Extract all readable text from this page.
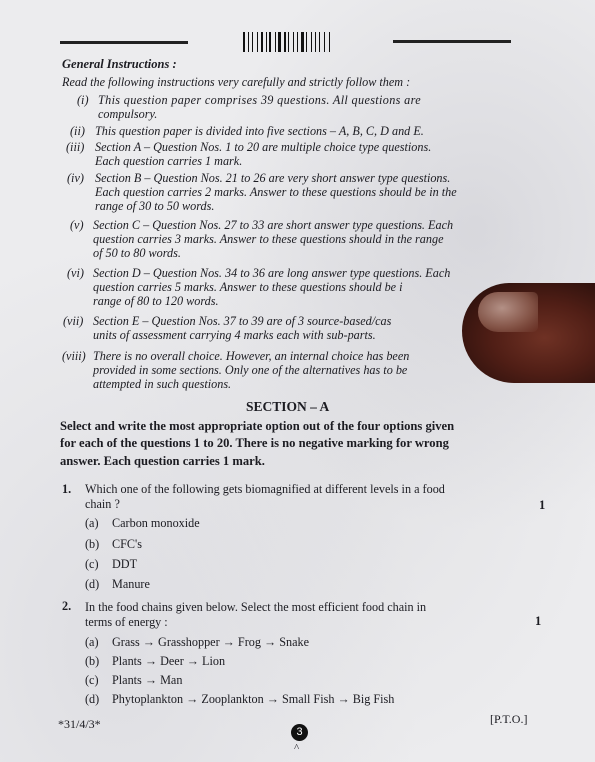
General Instructions :
Read the following instructions very carefully and strictly follow them :
(i) This question paper comprises 39 questions. All questions are
compulsory.
(ii) This question paper is divided into five sections – A, B, C, D and E.
(iii) Section A – Question Nos. 1 to 20 are multiple choice type questions.
Each question carries 1 mark.
(iv) Section B – Question Nos. 21 to 26 are very short answer type questions.
Each question carries 2 marks. Answer to these questions should be in the
range of 30 to 50 words.
(v) Section C – Question Nos. 27 to 33 are short answer type questions. Each
question carries 3 marks. Answer to these questions should in the range
of 50 to 80 words.
(vi) Section D – Question Nos. 34 to 36 are long answer type questions. Each
question carries 5 marks. Answer to these questions should be i
range of 80 to 120 words.
(vii) Section E – Question Nos. 37 to 39 are of 3 source-based/cas
units of assessment carrying 4 marks each with sub-parts.
(viii) There is no overall choice. However, an internal choice has been
provided in some sections. Only one of the alternatives has to be
attempted in such questions.
SECTION – A
Select and write the most appropriate option out of the four options given
for each of the questions 1 to 20. There is no negative marking for wrong
answer. Each question carries 1 mark.
1. Which one of the following gets biomagnified at different levels in a food
chain ?	1
(a) Carbon monoxide
(b) CFC's
(c) DDT
(d) Manure
2. In the food chains given below. Select the most efficient food chain in
terms of energy :	1
(a) Grass → Grasshopper → Frog → Snake
(b) Plants → Deer → Lion
(c) Plants → Man
(d) Phytoplankton → Zooplankton → Small Fish → Big Fish
*31/4/3*
3
^
[P.T.O.]
